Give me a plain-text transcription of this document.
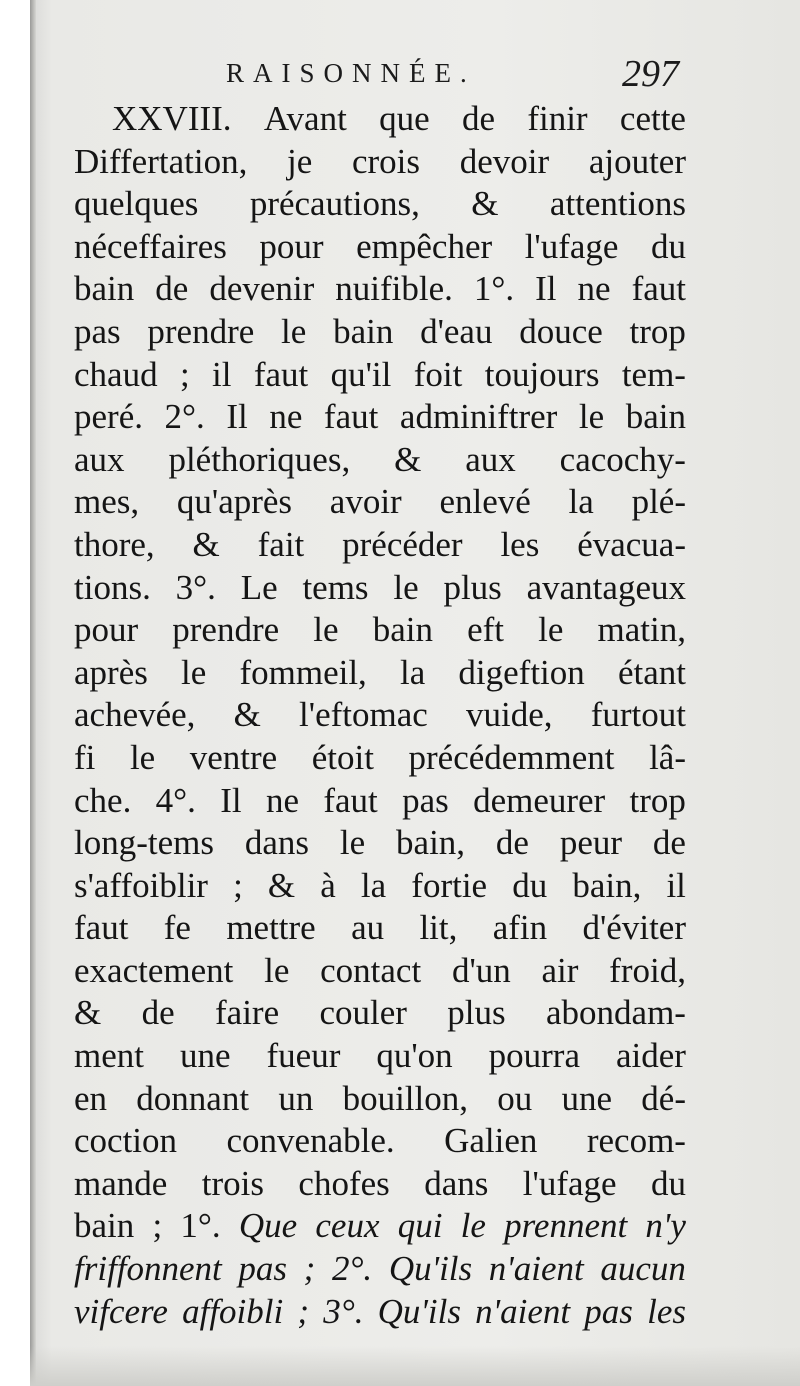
RAISONNÉE.	297
XXVIII. Avant que de finir cette
Differtation, je crois devoir ajouter
quelques précautions, & attentions
néceffaires pour empêcher l'ufage du
bain de devenir nuifible. 1°. Il ne faut
pas prendre le bain d'eau douce trop
chaud ; il faut qu'il foit toujours tem-
peré. 2°. Il ne faut adminiftrer le bain
aux pléthoriques, & aux cacochy-
mes, qu'après avoir enlevé la plé-
thore, & fait précéder les évacua-
tions. 3°. Le tems le plus avantageux
pour prendre le bain eft le matin,
après le fommeil, la digeftion étant
achevée, & l'eftomac vuide, furtout
fi le ventre étoit précédemment lâ-
che. 4°. Il ne faut pas demeurer trop
long-tems dans le bain, de peur de
s'affoiblir ; & à la fortie du bain, il
faut fe mettre au lit, afin d'éviter
exactement le contact d'un air froid,
& de faire couler plus abondam-
ment une fueur qu'on pourra aider
en donnant un bouillon, ou une dé-
coction convenable. Galien recom-
mande trois chofes dans l'ufage du
bain ; 1°. Que ceux qui le prennent n'y
friffonnent pas ; 2°. Qu'ils n'aient aucun
vifcere affoibli ; 3°. Qu'ils n'aient pas les
